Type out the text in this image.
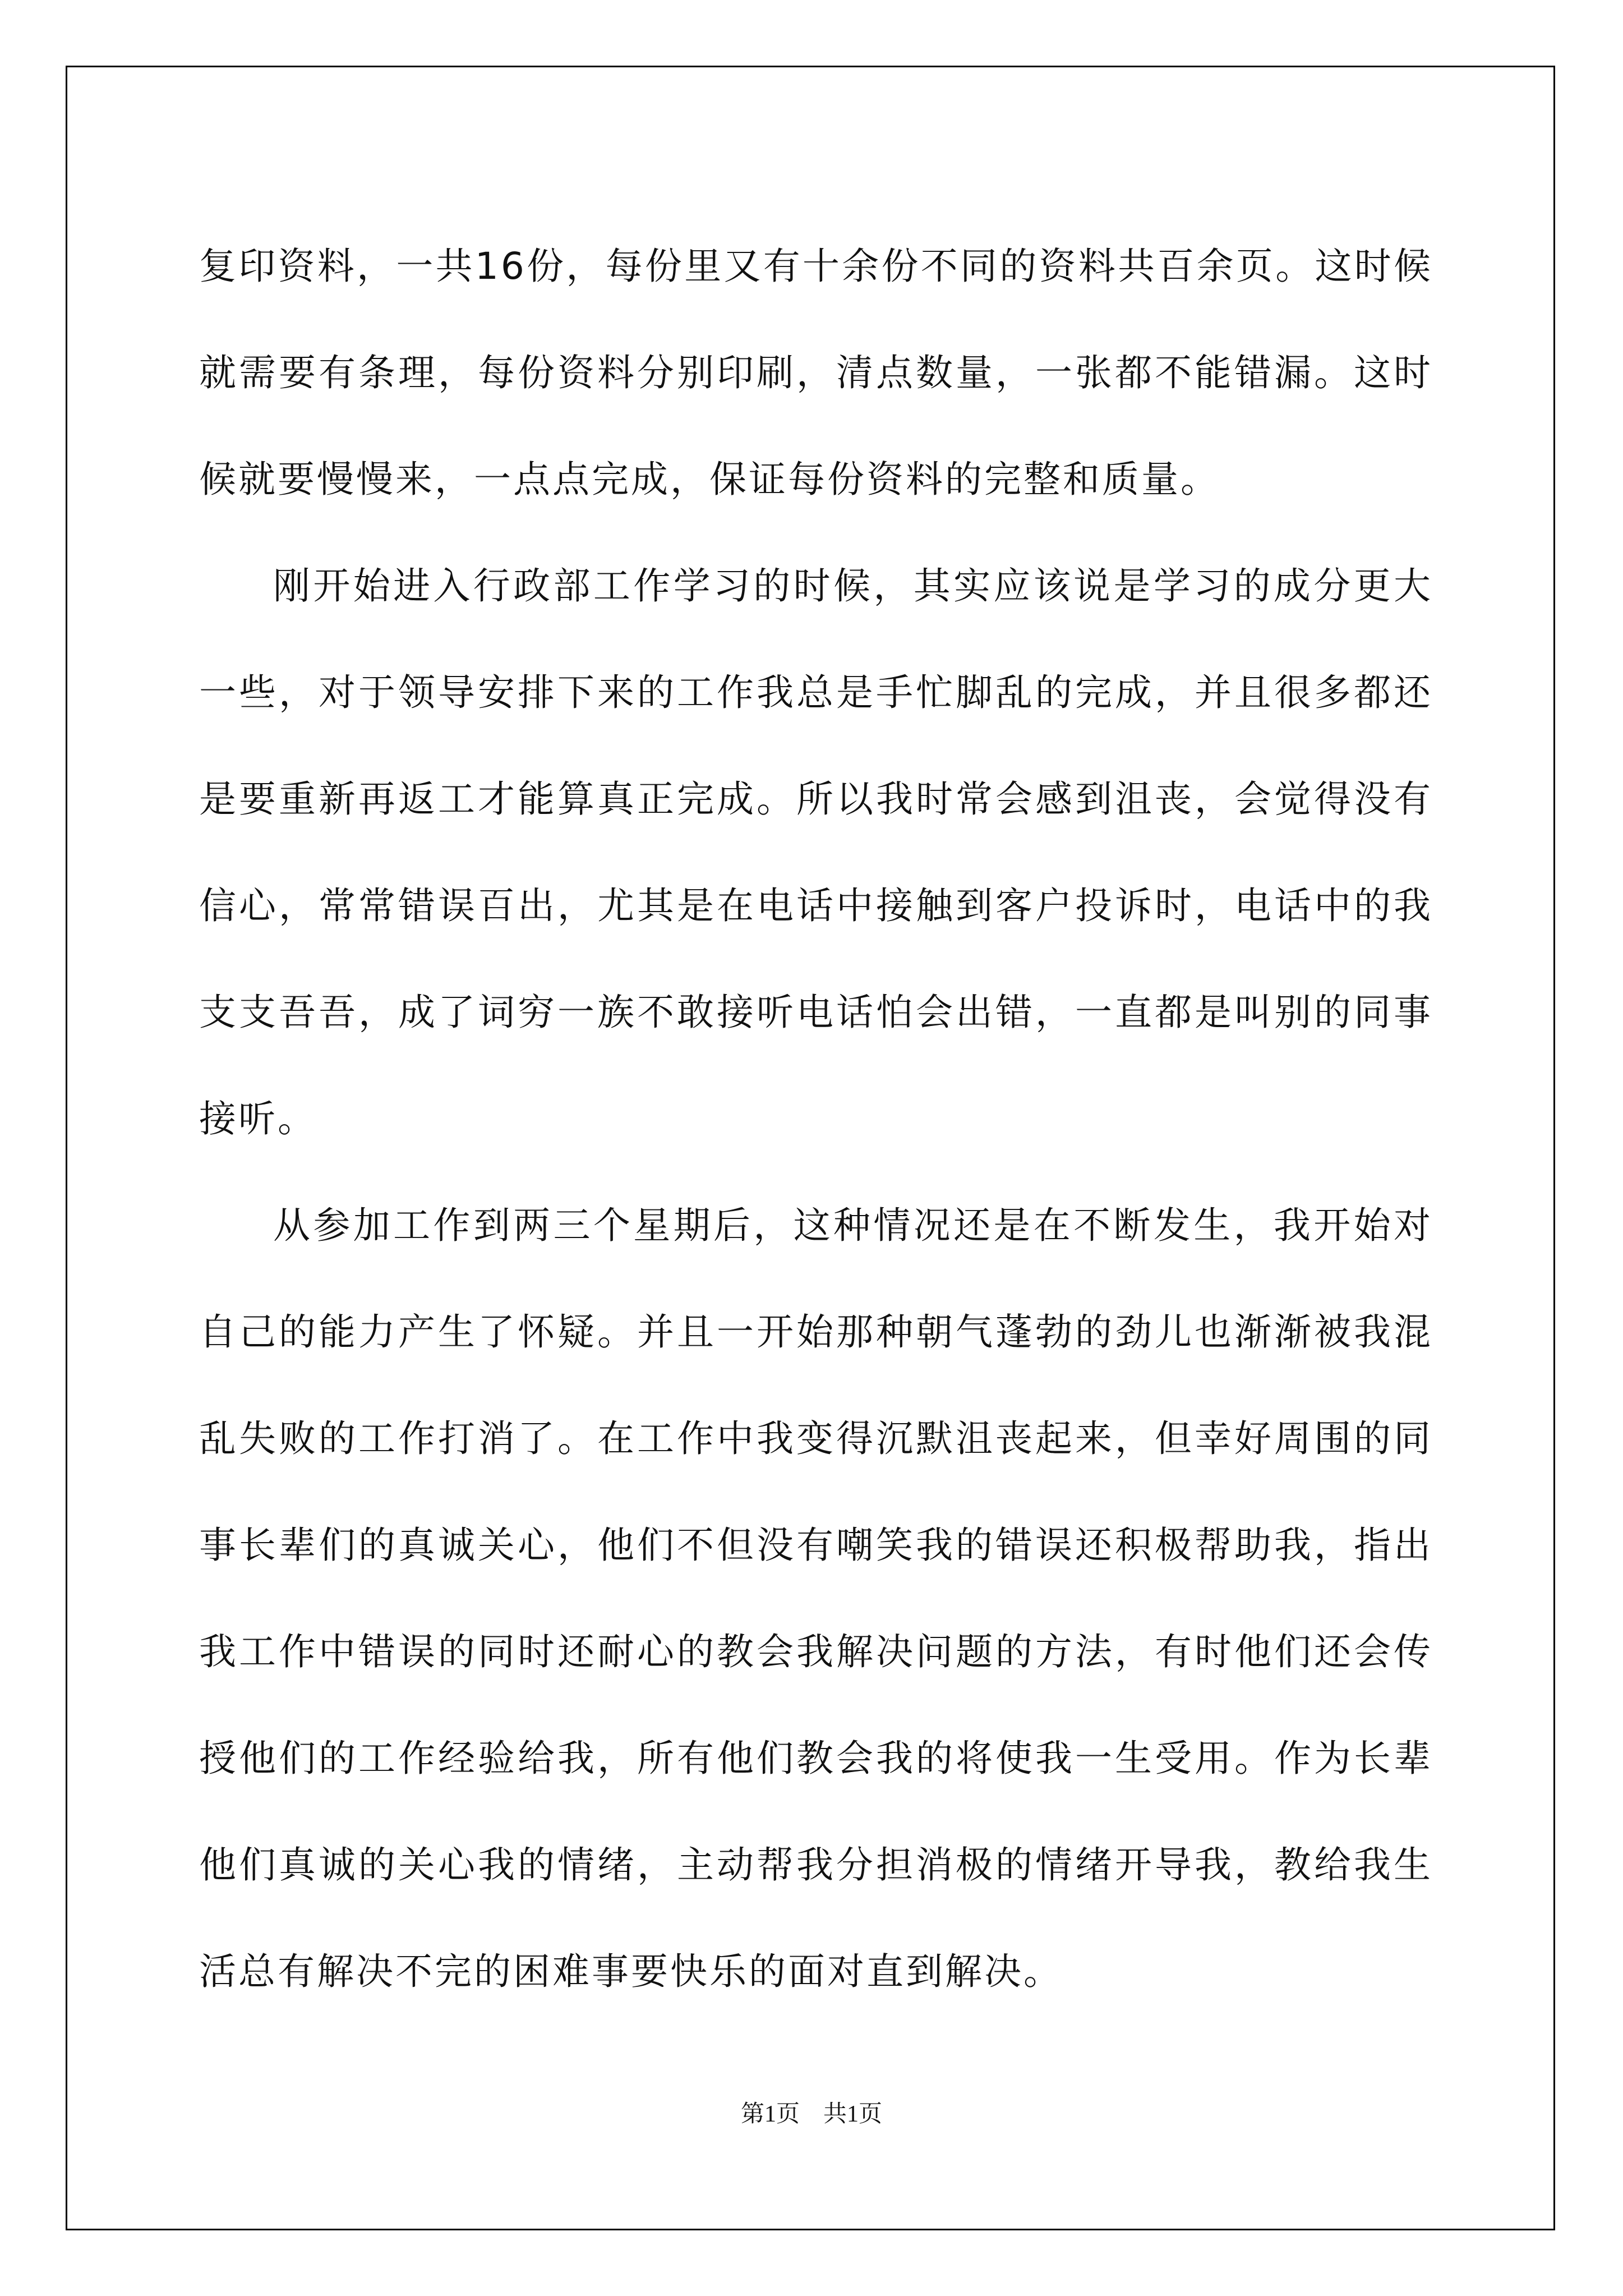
复印资料，一共16份，每份里又有十余份不同的资料共百余页。这时候就需要有条理，每份资料分别印刷，清点数量，一张都不能错漏。这时候就要慢慢来，一点点完成，保证每份资料的完整和质量。

刚开始进入行政部工作学习的时候，其实应该说是学习的成分更大一些，对于领导安排下来的工作我总是手忙脚乱的完成，并且很多都还是要重新再返工才能算真正完成。所以我时常会感到沮丧，会觉得没有信心，常常错误百出，尤其是在电话中接触到客户投诉时，电话中的我支支吾吾，成了词穷一族不敢接听电话怕会出错，一直都是叫别的同事接听。

从参加工作到两三个星期后，这种情况还是在不断发生，我开始对自己的能力产生了怀疑。并且一开始那种朝气蓬勃的劲儿也渐渐被我混乱失败的工作打消了。在工作中我变得沉默沮丧起来，但幸好周围的同事长辈们的真诚关心，他们不但没有嘲笑我的错误还积极帮助我，指出我工作中错误的同时还耐心的教会我解决问题的方法，有时他们还会传授他们的工作经验给我，所有他们教会我的将使我一生受用。作为长辈他们真诚的关心我的情绪，主动帮我分担消极的情绪开导我，教给我生活总有解决不完的困难事要快乐的面对直到解决。

第1页　共1页
